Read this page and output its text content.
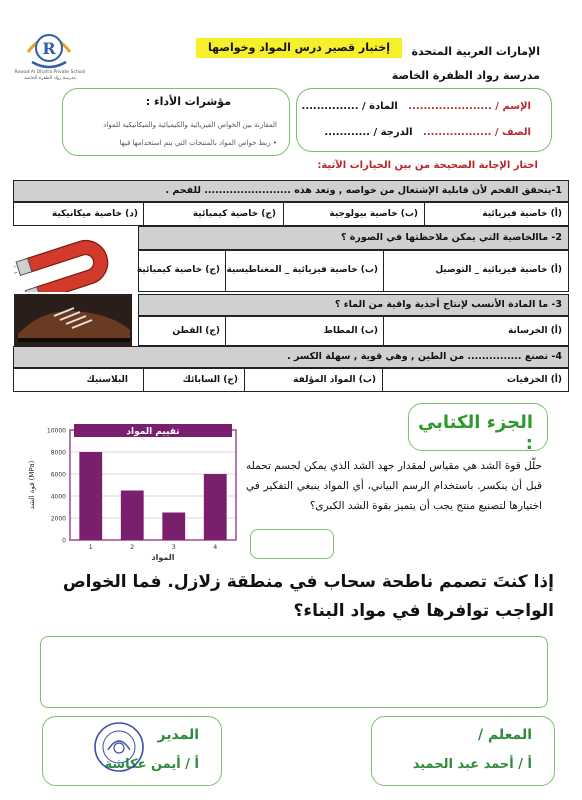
الإمارات العربية المتحدة
مدرسة رواد الظفرة الخاصة
إختبار قصير درس المواد وخواصها
R
Rowad Al Dhafra Private School
مدرسة رواد الظفرة الخاصة
الإسم / ......................   المادة / ...............
الصف / ..................   الدرجة / ............
مؤشرات الأداء :
المقارنة بين الخواص الفيزيائية والكيميائية والميكانيكية للمواد
• ربط خواص المواد بالمنتجات التي يتم استخدامها فيها
اختار الإجابة الصحيحة من بين الخيارات الآتية:
1-يتحقق الفحم لأن قابلية الإشتعال من خواصه , وتعد هذه ........................ للفحم .
(أ) خاصية فيزيائية
(ب) خاصية بيولوجية
(ج) خاصية كيميائية
(د) خاصية ميكانيكية
2- ماالخاصية التي يمكن ملاحظتها في الصورة ؟
(أ) خاصية فيزيائية _ التوصيل
(ب) خاصية فيزيائية _ المغناطيسية
(ج) خاصية كيميائية
3- ما المادة الأنسب لإنتاج أحذية واقية من الماء ؟
(أ) الخرسانة
(ب) المطاط
(ج) القطن
4- تصنع ............... من الطين , وهي قوية , سهلة الكسر .
(أ) الخزفيات
(ب) المواد المؤلفة
(ج) السابائك
البلاستيك
الجزء الكتابي :
تقييم المواد
0
2000
4000
6000
8000
10000
1	2	3	4
قوة الشد (MPa)
المواد
حلّل قوة الشد هي مقياس لمقدار جهد الشد الذي يمكن لجسم تحمله قبل أن ينكسر. باستخدام الرسم البياني، أي المواد ينبغي التفكير في اختيارها لتصنيع منتج يجب أن يتميز بقوة الشد الكبرى؟
إذا كنتَ تصمم ناطحة سحاب في منطقة زلازل. فما الخواص الواجب توافرها في مواد البناء؟
المعلم /
أ / أحمد عبد الحميد
المدير
أ / أيمن عكاشة
